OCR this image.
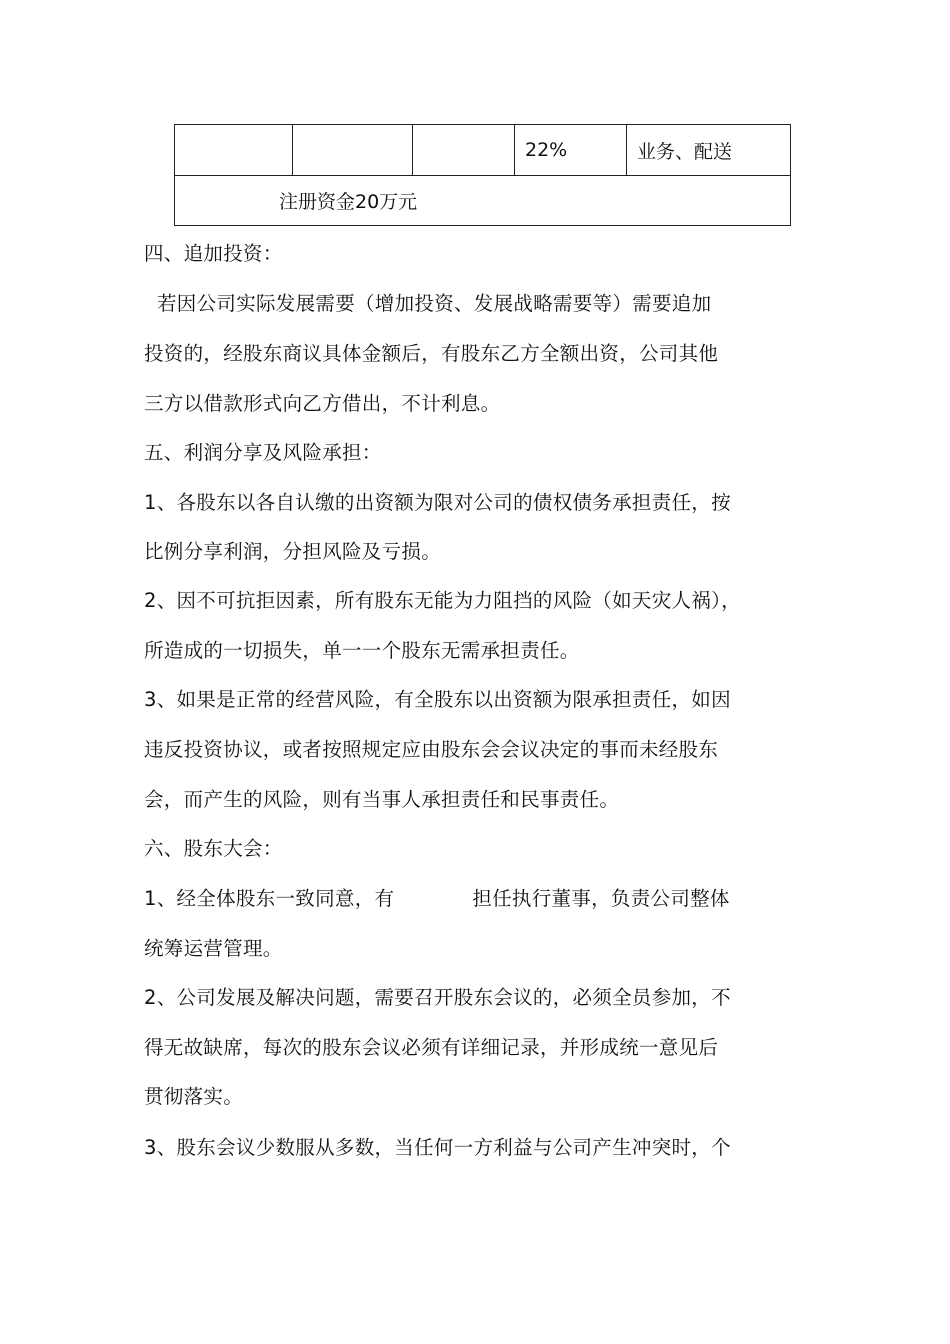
			22%	业务、配送
注册资金20万元
四、追加投资：
若因公司实际发展需要（增加投资、发展战略需要等）需要追加
投资的，经股东商议具体金额后，有股东乙方全额出资，公司其他
三方以借款形式向乙方借出，不计利息。
五、利润分享及风险承担：
1、各股东以各自认缴的出资额为限对公司的债权债务承担责任，按
比例分享利润，分担风险及亏损。
2、因不可抗拒因素，所有股东无能为力阻挡的风险（如天灾人祸），
所造成的一切损失，单一一个股东无需承担责任。
3、如果是正常的经营风险，有全股东以出资额为限承担责任，如因
违反投资协议，或者按照规定应由股东会会议决定的事而未经股东
会，而产生的风险，则有当事人承担责任和民事责任。
六、股东大会：
1、经全体股东一致同意，有	担任执行董事，负责公司整体
统筹运营管理。
2、公司发展及解决问题，需要召开股东会议的，必须全员参加，不
得无故缺席，每次的股东会议必须有详细记录，并形成统一意见后
贯彻落实。
3、股东会议少数服从多数，当任何一方利益与公司产生冲突时，个
